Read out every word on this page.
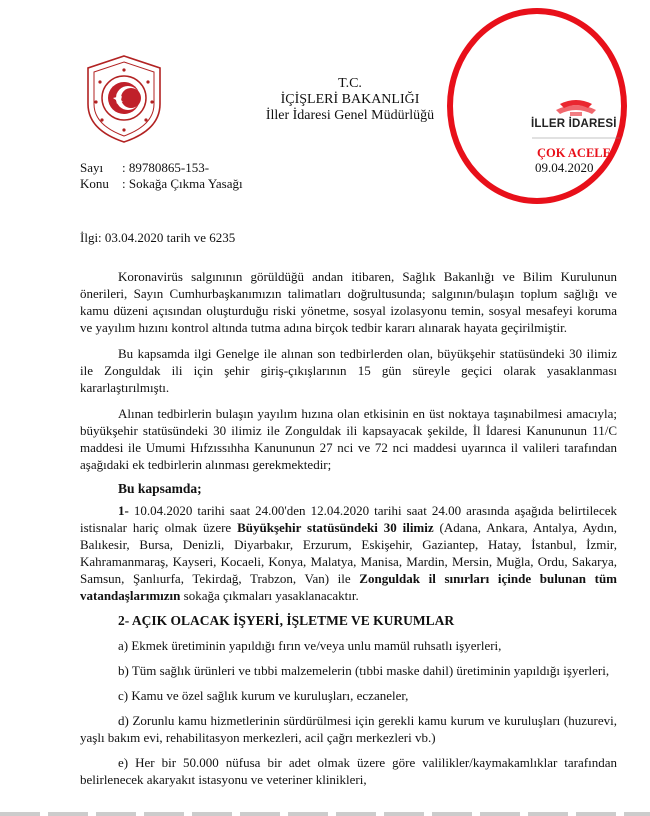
T.C.
İÇİŞLERİ BAKANLIĞI
İller İdaresi Genel Müdürlüğü
İLLER İDARESİ
ÇOK ACELE
09.04.2020
Sayı : 89780865-153-
Konu : Sokağa Çıkma Yasağı
İlgi: 03.04.2020 tarih ve 6235

Koronavirüs salgınının görüldüğü andan itibaren, Sağlık Bakanlığı ve Bilim Kurulunun önerileri, Sayın Cumhurbaşkanımızın talimatları doğrultusunda; salgının/bulaşın toplum sağlığı ve kamu düzeni açısından oluşturduğu riski yönetme, sosyal izolasyonu temin, sosyal mesafeyi koruma ve yayılım hızını kontrol altında tutma adına birçok tedbir kararı alınarak hayata geçirilmiştir.

Bu kapsamda ilgi Genelge ile alınan son tedbirlerden olan, büyükşehir statüsündeki 30 ilimiz ile Zonguldak ili için şehir giriş-çıkışlarının 15 gün süreyle geçici olarak yasaklanması kararlaştırılmıştı.

Alınan tedbirlerin bulaşın yayılım hızına olan etkisinin en üst noktaya taşınabilmesi amacıyla; büyükşehir statüsündeki 30 ilimiz ile Zonguldak ili kapsayacak şekilde, İl İdaresi Kanununun 11/C maddesi ile Umumi Hıfzıssıhha Kanununun 27 nci ve 72 nci maddesi uyarınca il valileri tarafından aşağıdaki ek tedbirlerin alınması gerekmektedir;

Bu kapsamda;

1- 10.04.2020 tarihi saat 24.00'den 12.04.2020 tarihi saat 24.00 arasında aşağıda belirtilecek istisnalar hariç olmak üzere Büyükşehir statüsündeki 30 ilimiz (Adana, Ankara, Antalya, Aydın, Balıkesir, Bursa, Denizli, Diyarbakır, Erzurum, Eskişehir, Gaziantep, Hatay, İstanbul, İzmir, Kahramanmaraş, Kayseri, Kocaeli, Konya, Malatya, Manisa, Mardin, Mersin, Muğla, Ordu, Sakarya, Samsun, Şanlıurfa, Tekirdağ, Trabzon, Van) ile Zonguldak il sınırları içinde bulunan tüm vatandaşlarımızın sokağa çıkmaları yasaklanacaktır.

2- AÇIK OLACAK İŞYERİ, İŞLETME VE KURUMLAR

a) Ekmek üretiminin yapıldığı fırın ve/veya unlu mamül ruhsatlı işyerleri,

b) Tüm sağlık ürünleri ve tıbbi malzemelerin (tıbbi maske dahil) üretiminin yapıldığı işyerleri,

c) Kamu ve özel sağlık kurum ve kuruluşları, eczaneler,

d) Zorunlu kamu hizmetlerinin sürdürülmesi için gerekli kamu kurum ve kuruluşları (huzurevi, yaşlı bakım evi, rehabilitasyon merkezleri, acil çağrı merkezleri vb.)

e) Her bir 50.000 nüfusa bir adet olmak üzere göre valilikler/kaymakamlıklar tarafından belirlenecek akaryakıt istasyonu ve veteriner klinikleri,
